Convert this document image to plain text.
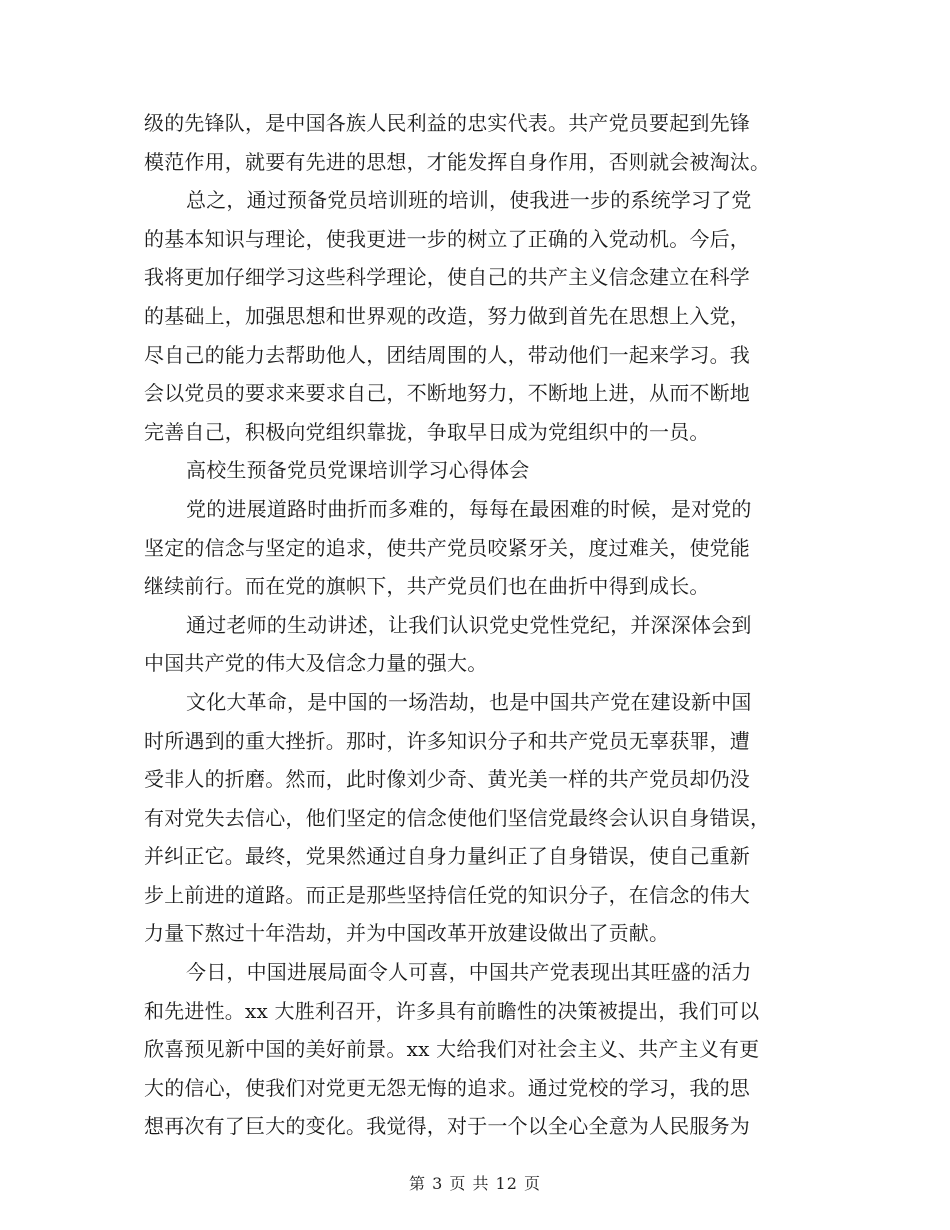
级的先锋队，是中国各族人民利益的忠实代表。共产党员要起到先锋
模范作用，就要有先进的思想，才能发挥自身作用，否则就会被淘汰。
总之，通过预备党员培训班的培训，使我进一步的系统学习了党
的基本知识与理论，使我更进一步的树立了正确的入党动机。今后，
我将更加仔细学习这些科学理论，使自己的共产主义信念建立在科学
的基础上，加强思想和世界观的改造，努力做到首先在思想上入党，
尽自己的能力去帮助他人，团结周围的人，带动他们一起来学习。我
会以党员的要求来要求自己，不断地努力，不断地上进，从而不断地
完善自己，积极向党组织靠拢，争取早日成为党组织中的一员。
高校生预备党员党课培训学习心得体会
党的进展道路时曲折而多难的，每每在最困难的时候，是对党的
坚定的信念与坚定的追求，使共产党员咬紧牙关，度过难关，使党能
继续前行。而在党的旗帜下，共产党员们也在曲折中得到成长。
通过老师的生动讲述，让我们认识党史党性党纪，并深深体会到
中国共产党的伟大及信念力量的强大。
文化大革命，是中国的一场浩劫，也是中国共产党在建设新中国
时所遇到的重大挫折。那时，许多知识分子和共产党员无辜获罪，遭
受非人的折磨。然而，此时像刘少奇、黄光美一样的共产党员却仍没
有对党失去信心，他们坚定的信念使他们坚信党最终会认识自身错误，
并纠正它。最终，党果然通过自身力量纠正了自身错误，使自己重新
步上前进的道路。而正是那些坚持信任党的知识分子，在信念的伟大
力量下熬过十年浩劫，并为中国改革开放建设做出了贡献。
今日，中国进展局面令人可喜，中国共产党表现出其旺盛的活力
和先进性。xx 大胜利召开，许多具有前瞻性的决策被提出，我们可以
欣喜预见新中国的美好前景。xx 大给我们对社会主义、共产主义有更
大的信心，使我们对党更无怨无悔的追求。通过党校的学习，我的思
想再次有了巨大的变化。我觉得，对于一个以全心全意为人民服务为
第 3 页 共 12 页
